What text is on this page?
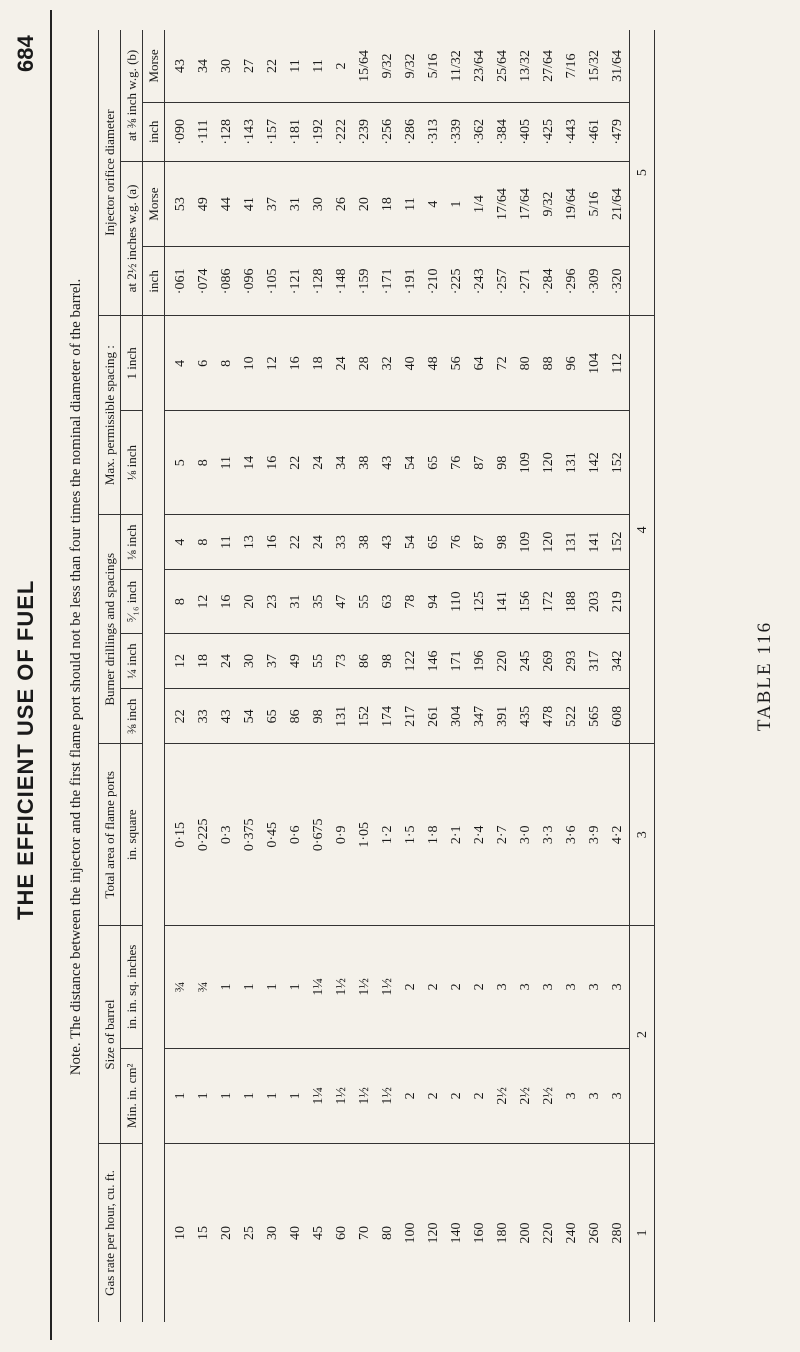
684
THE EFFICIENT USE OF FUEL	Note. The distance between the injector and the first flame port should not be less than four times the nominal diameter of the barrel.
Gas rate per hour, cu. ft.	Size of barrel		Total area of flame ports	Burner drillings and spacings				Max. permissible spacing :		Injector orifice diameter			
	Min. in. cm²	in. in. sq. inches	in. square	⅜ inch	¼ inch	⁵⁄₁₆ inch	⅛ inch	⅛ inch	1 inch	at 2½ inches w.g. (a)		at ⅜ inch w.g. (b)	
										inch	Morse	inch	Morse
10	1	¾	0·15	22	12	8	4	5	4	·061	53	·090	43
15	1	¾	0·225	33	18	12	8	8	6	·074	49	·111	34
20	1	1	0·3	43	24	16	11	11	8	·086	44	·128	30
25	1	1	0·375	54	30	20	13	14	10	·096	41	·143	27
30	1	1	0·45	65	37	23	16	16	12	·105	37	·157	22
40	1	1	0·6	86	49	31	22	22	16	·121	31	·181	11
45	1¼	1¼	0·675	98	55	35	24	24	18	·128	30	·192	11
60	1½	1½	0·9	131	73	47	33	34	24	·148	26	·222	2
70	1½	1½	1·05	152	86	55	38	38	28	·159	20	·239	15/64
80	1½	1½	1·2	174	98	63	43	43	32	·171	18	·256	9/32
100	2	2	1·5	217	122	78	54	54	40	·191	11	·286	9/32
120	2	2	1·8	261	146	94	65	65	48	·210	4	·313	5/16
140	2	2	2·1	304	171	110	76	76	56	·225	1	·339	11/32
160	2	2	2·4	347	196	125	87	87	64	·243	1/4	·362	23/64
180	2½	3	2·7	391	220	141	98	98	72	·257	17/64	·384	25/64
200	2½	3	3·0	435	245	156	109	109	80	·271	17/64	·405	13/32
220	2½	3	3·3	478	269	172	120	120	88	·284	9/32	·425	27/64
240	3	3	3·6	522	293	188	131	131	96	·296	19/64	·443	7/16
260	3	3	3·9	565	317	203	141	142	104	·309	5/16	·461	15/32
280	3	3	4·2	608	342	219	152	152	112	·320	21/64	·479	31/64
1	2		3	4						5			
TABLE 116
